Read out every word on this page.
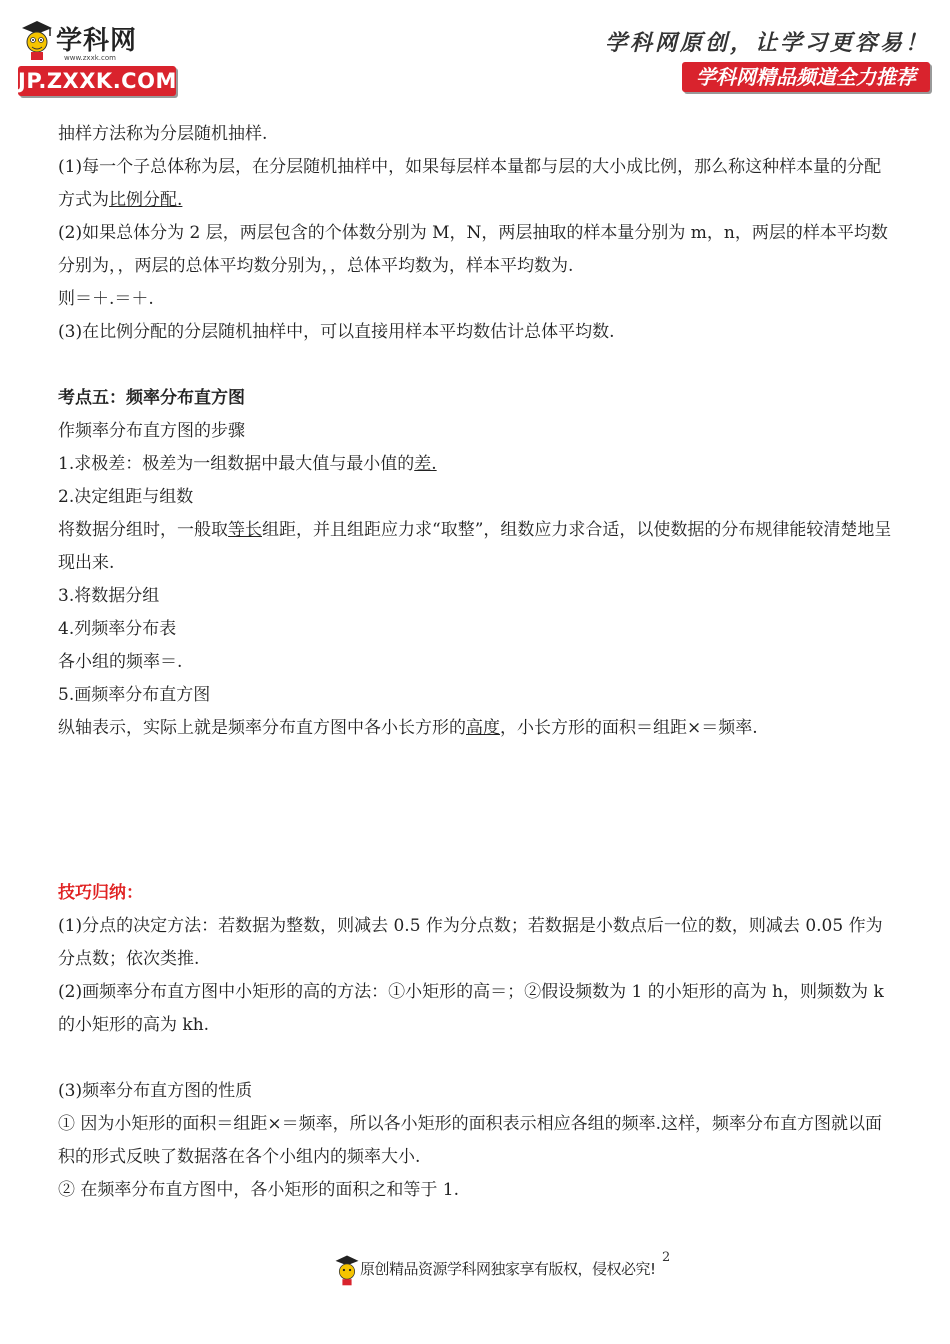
学科网
www.zxxk.com
JP.ZXXK.COM
学科网原创，让学习更容易！
学科网精品频道全力推荐

抽样方法称为分层随机抽样.

(1)每一个子总体称为层，在分层随机抽样中，如果每层样本量都与层的大小成比例，那么称这种样本量的分配方式为比例分配.

(2)如果总体分为 2 层，两层包含的个体数分别为 M，N，两层抽取的样本量分别为 m，n，两层的样本平均数分别为，，两层的总体平均数分别为，，总体平均数为，样本平均数为.

则＝＋.＝＋.

(3)在比例分配的分层随机抽样中，可以直接用样本平均数估计总体平均数.

考点五：频率分布直方图

作频率分布直方图的步骤

1.求极差：极差为一组数据中最大值与最小值的差.

2.决定组距与组数

将数据分组时，一般取等长组距，并且组距应力求“取整”，组数应力求合适，以使数据的分布规律能较清楚地呈现出来.

3.将数据分组

4.列频率分布表

各小组的频率＝.

5.画频率分布直方图

纵轴表示，实际上就是频率分布直方图中各小长方形的高度，小长方形的面积＝组距×＝频率.

技巧归纳：

(1)分点的决定方法：若数据为整数，则减去 0.5 作为分点数；若数据是小数点后一位的数，则减去 0.05 作为分点数；依次类推.

(2)画频率分布直方图中小矩形的高的方法：①小矩形的高＝；②假设频数为 1 的小矩形的高为 h，则频数为 k 的小矩形的高为 kh.

(3)频率分布直方图的性质

① 因为小矩形的面积＝组距×＝频率，所以各小矩形的面积表示相应各组的频率.这样，频率分布直方图就以面积的形式反映了数据落在各个小组内的频率大小.

② 在频率分布直方图中，各小矩形的面积之和等于 1.

原创精品资源学科网独家享有版权，侵权必究!
2
